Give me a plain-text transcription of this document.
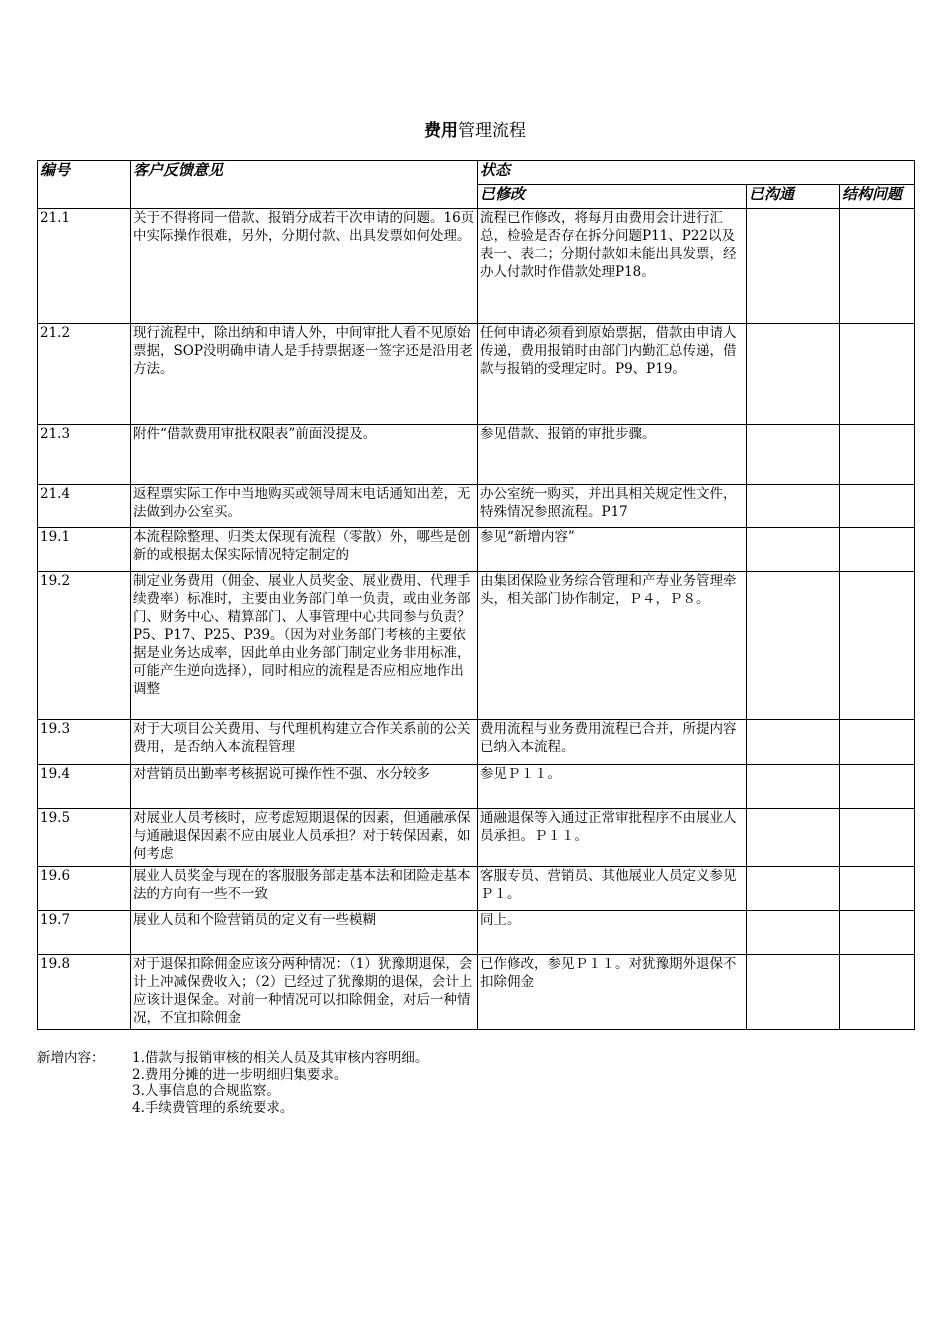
费用管理流程
编号	客户反馈意见	状态		
		已修改	已沟通	结构问题
21.1	关于不得将同一借款、报销分成若干次申请的问题。16页中实际操作很难，另外，分期付款、出具发票如何处理。	流程已作修改，将每月由费用会计进行汇总，检验是否存在拆分问题P11、P22以及表一、表二；分期付款如未能出具发票，经办人付款时作借款处理P18。		
21.2	现行流程中，除出纳和申请人外，中间审批人看不见原始票据，SOP没明确申请人是手持票据逐一签字还是沿用老方法。	任何申请必须看到原始票据，借款由申请人传递，费用报销时由部门内勤汇总传递，借款与报销的受理定时。P9、P19。		
21.3	附件“借款费用审批权限表”前面没提及。	参见借款、报销的审批步骤。		
21.4	返程票实际工作中当地购买或领导周末电话通知出差，无法做到办公室买。	办公室统一购买，并出具相关规定性文件，特殊情况参照流程。P17		
19.1	本流程除整理、归类太保现有流程（零散）外，哪些是创新的或根据太保实际情况特定制定的	参见“新增内容”		
19.2	制定业务费用（佣金、展业人员奖金、展业费用、代理手续费率）标准时，主要由业务部门单一负责，或由业务部门、财务中心、精算部门、人事管理中心共同参与负责？P5、P17、P25、P39。（因为对业务部门考核的主要依据是业务达成率，因此单由业务部门制定业务非用标准，可能产生逆向选择），同时相应的流程是否应相应地作出调整	由集团保险业务综合管理和产寿业务管理牵头，相关部门协作制定，Ｐ４，Ｐ８。		
19.3	对于大项目公关费用、与代理机构建立合作关系前的公关费用，是否纳入本流程管理	费用流程与业务费用流程已合并，所提内容已纳入本流程。		
19.4	对营销员出勤率考核据说可操作性不强、水分较多	参见Ｐ１１。		
19.5	对展业人员考核时，应考虑短期退保的因素，但通融承保与通融退保因素不应由展业人员承担？对于转保因素，如何考虑	通融退保等入通过正常审批程序不由展业人员承担。Ｐ１１。		
19.6	展业人员奖金与现在的客服服务部走基本法和团险走基本法的方向有一些不一致	客服专员、营销员、其他展业人员定义参见Ｐ１。		
19.7	展业人员和个险营销员的定义有一些模糊	同上。		
19.8	对于退保扣除佣金应该分两种情况：（1）犹豫期退保，会计上冲减保费收入；（2）已经过了犹豫期的退保，会计上应该计退保金。对前一种情况可以扣除佣金，对后一种情况，不宜扣除佣金	已作修改，参见Ｐ１１。对犹豫期外退保不扣除佣金		
新增内容： 1.借款与报销审核的相关人员及其审核内容明细。
2.费用分摊的进一步明细归集要求。
3.人事信息的合规监察。
4.手续费管理的系统要求。
